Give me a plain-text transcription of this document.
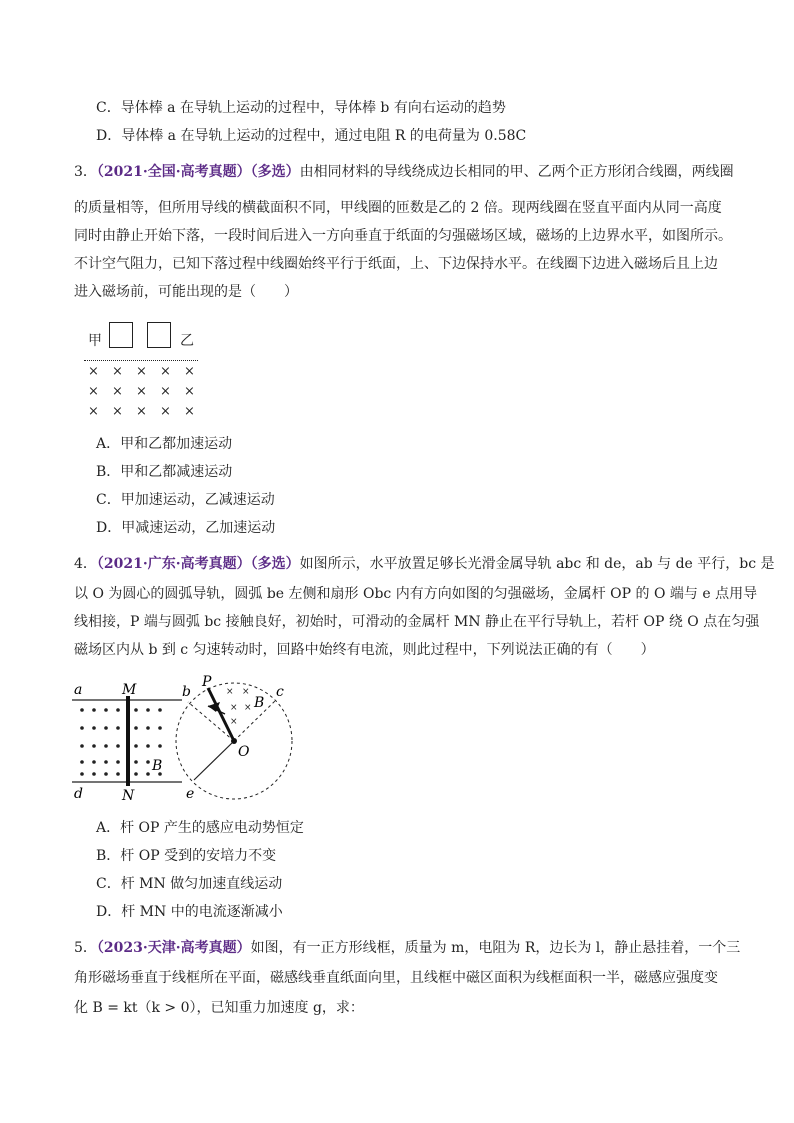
C．导体棒 a 在导轨上运动的过程中，导体棒 b 有向右运动的趋势
D．导体棒 a 在导轨上运动的过程中，通过电阻 R 的电荷量为 0.58C
3．（2021·全国·高考真题）（多选）由相同材料的导线绕成边长相同的甲、乙两个正方形闭合线圈，两线圈
的质量相等，但所用导线的横截面积不同，甲线圈的匝数是乙的 2 倍。现两线圈在竖直平面内从同一高度
同时由静止开始下落，一段时间后进入一方向垂直于纸面的匀强磁场区域，磁场的上边界水平，如图所示。
不计空气阻力，已知下落过程中线圈始终平行于纸面，上、下边保持水平。在线圈下边进入磁场后且上边
进入磁场前，可能出现的是（　　）
甲	乙
× × × × ×
× × × × ×
× × × × ×
A．甲和乙都加速运动
B．甲和乙都减速运动
C．甲加速运动，乙减速运动
D．甲减速运动，乙加速运动
4．（2021·广东·高考真题）（多选）如图所示，水平放置足够长光滑金属导轨 abc 和 de，ab 与 de 平行，bc 是
以 O 为圆心的圆弧导轨，圆弧 be 左侧和扇形 Obc 内有方向如图的匀强磁场，金属杆 OP 的 O 端与 e 点用导
线相接，P 端与圆弧 bc 接触良好，初始时，可滑动的金属杆 MN 静止在平行导轨上，若杆 OP 绕 O 点在匀强
磁场区内从 b 到 c 匀速转动时，回路中始终有电流，则此过程中，下列说法正确的有（　　）
× ×
× ×
×
a	M	b
P
c
B
O
B
d	N	e
A．杆 OP 产生的感应电动势恒定
B．杆 OP 受到的安培力不变
C．杆 MN 做匀加速直线运动
D．杆 MN 中的电流逐渐减小
5．（2023·天津·高考真题）如图，有一正方形线框，质量为 m，电阻为 R，边长为 l，静止悬挂着，一个三
角形磁场垂直于线框所在平面，磁感线垂直纸面向里，且线框中磁区面积为线框面积一半，磁感应强度变
化 B = kt（k > 0），已知重力加速度 g，求：
